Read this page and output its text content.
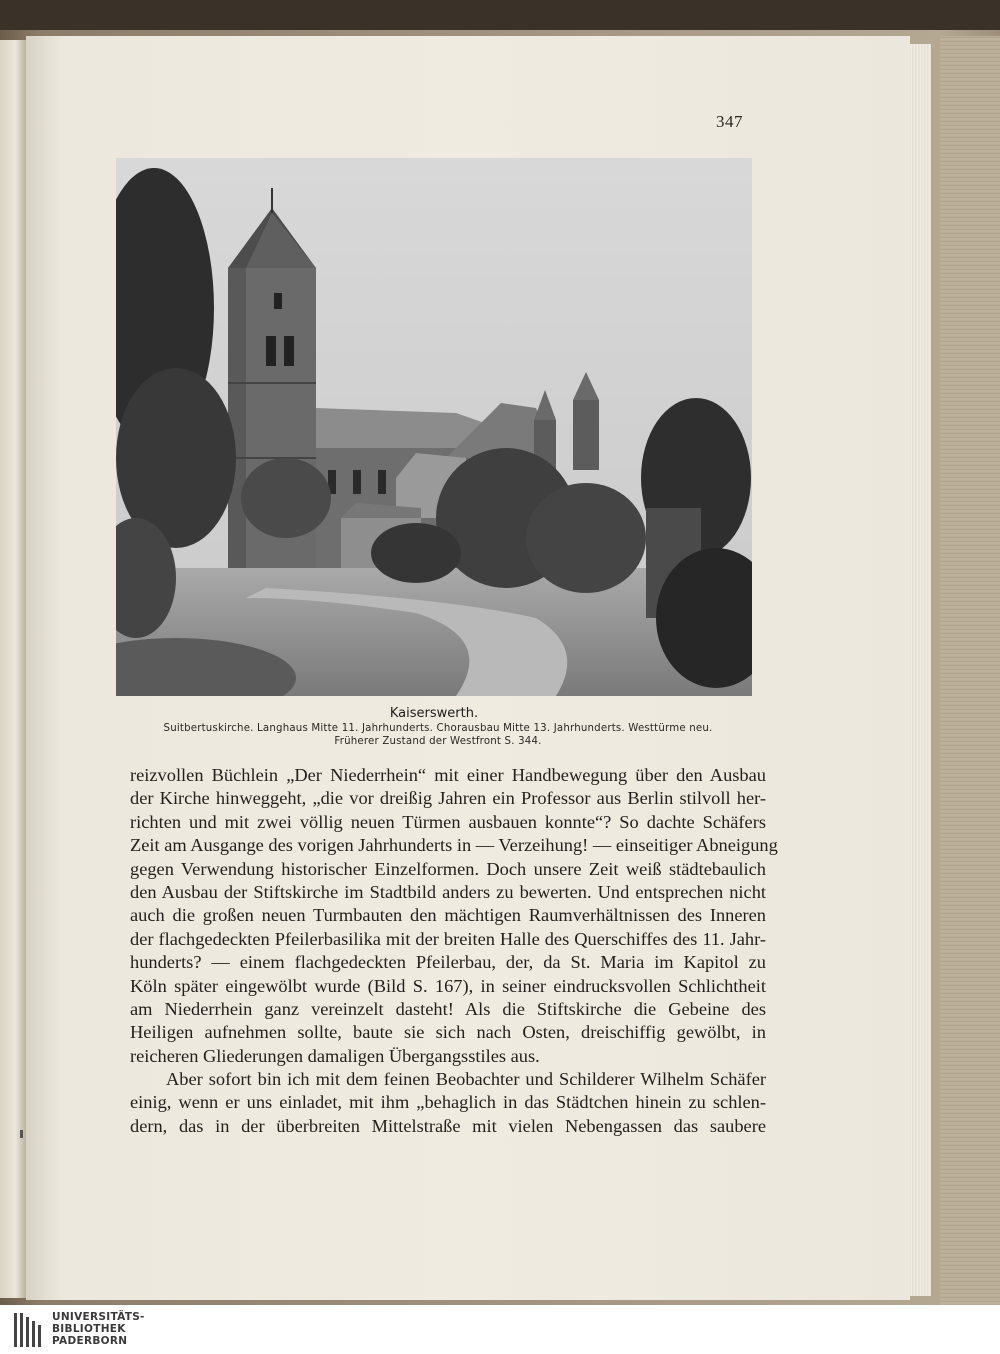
347
Kaiserswerth.
Suitbertuskirche. Langhaus Mitte 11. Jahrhunderts. Chorausbau Mitte 13. Jahrhunderts. Westtürme neu.
Früherer Zustand der Westfront S. 344.
reizvollen Büchlein „Der Niederrhein“ mit einer Handbewegung über den Ausbau
der Kirche hinweggeht, „die vor dreißig Jahren ein Professor aus Berlin stilvoll her-
richten und mit zwei völlig neuen Türmen ausbauen konnte“? So dachte Schäfers
Zeit am Ausgange des vorigen Jahrhunderts in — Verzeihung! — einseitiger Abneigung
gegen Verwendung historischer Einzelformen. Doch unsere Zeit weiß städtebaulich
den Ausbau der Stiftskirche im Stadtbild anders zu bewerten. Und entsprechen nicht
auch die großen neuen Turmbauten den mächtigen Raumverhältnissen des Inneren
der flachgedeckten Pfeilerbasilika mit der breiten Halle des Querschiffes des 11. Jahr-
hunderts? — einem flachgedeckten Pfeilerbau, der, da St. Maria im Kapitol zu
Köln später eingewölbt wurde (Bild S. 167), in seiner eindrucksvollen Schlichtheit
am Niederrhein ganz vereinzelt dasteht! Als die Stiftskirche die Gebeine des
Heiligen aufnehmen sollte, baute sie sich nach Osten, dreischiffig gewölbt, in
reicheren Gliederungen damaligen Übergangsstiles aus.
Aber sofort bin ich mit dem feinen Beobachter und Schilderer Wilhelm Schäfer
einig, wenn er uns einladet, mit ihm „behaglich in das Städtchen hinein zu schlen-
dern, das in der überbreiten Mittelstraße mit vielen Nebengassen das saubere
UNIVERSITÄTS-
BIBLIOTHEK
PADERBORN
